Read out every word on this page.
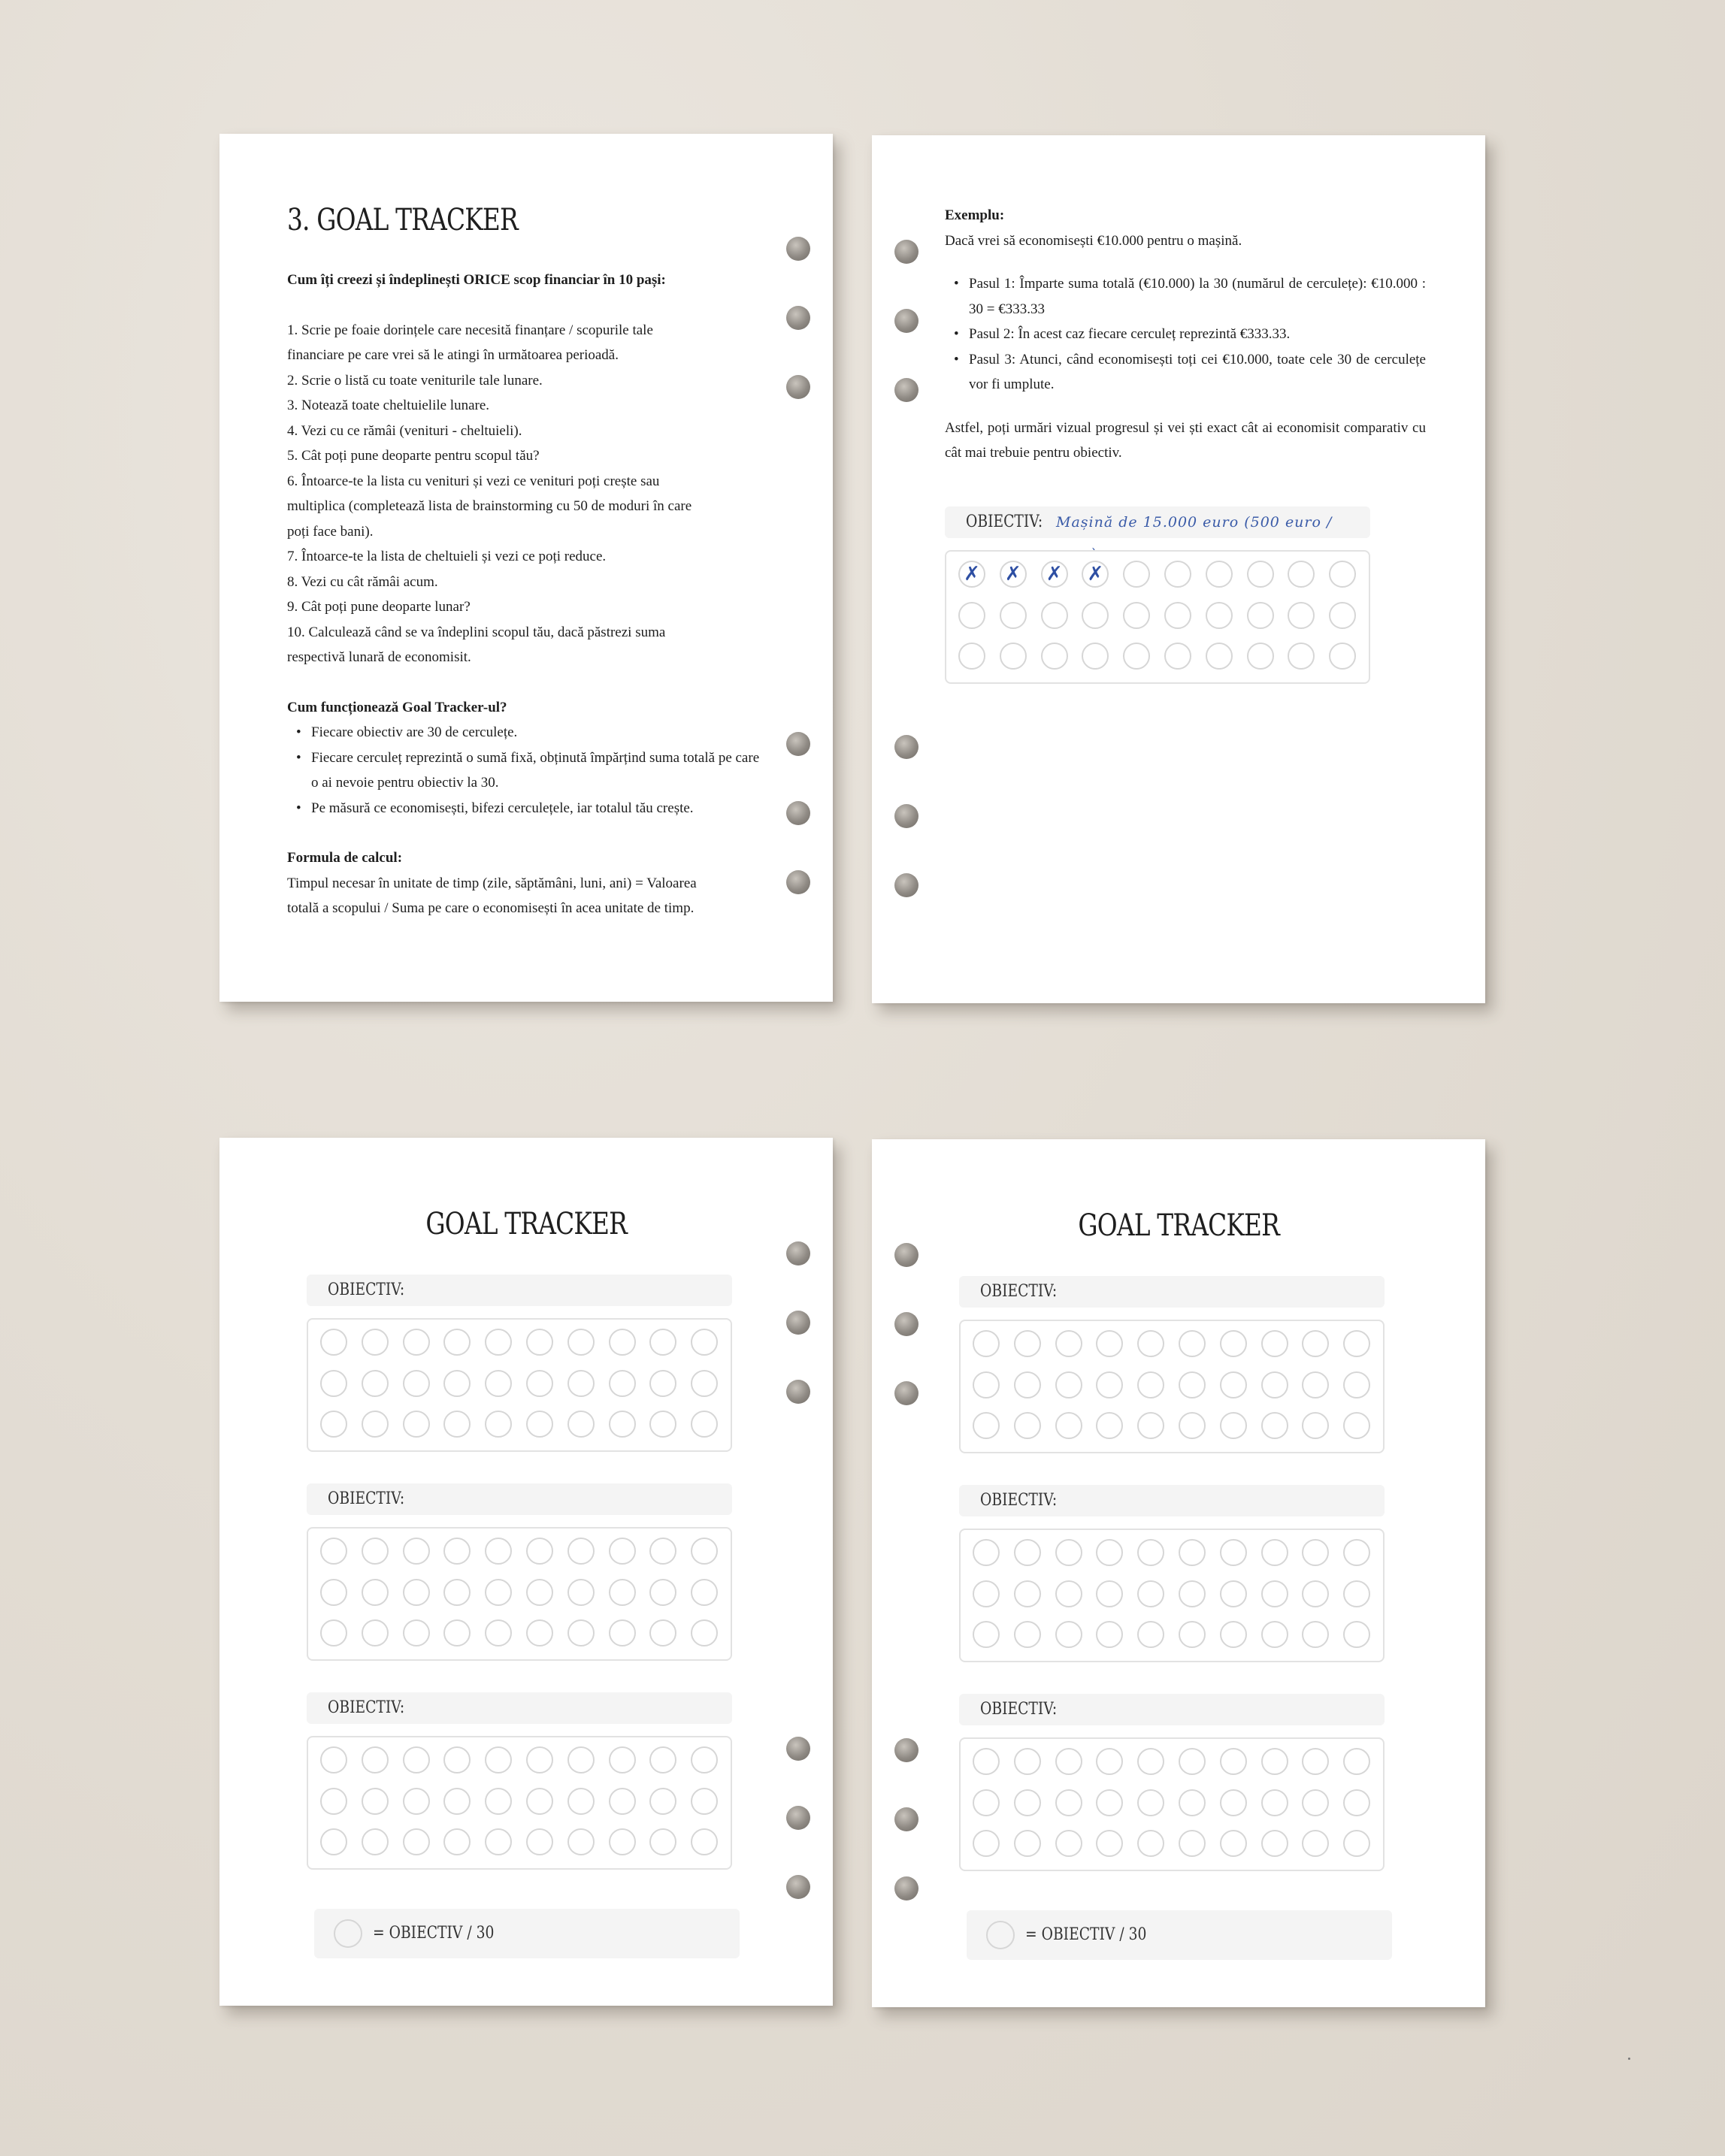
3. GOAL TRACKER
Cum îți creezi și îndeplinești ORICE scop financiar în 10 pași:
1. Scrie pe foaie dorințele care necesită finanțare / scopurile tale
financiare pe care vrei să le atingi în următoarea perioadă.
2. Scrie o listă cu toate veniturile tale lunare.
3. Notează toate cheltuielile lunare.
4. Vezi cu ce rămâi (venituri - cheltuieli).
5. Cât poți pune deoparte pentru scopul tău?
6. Întoarce-te la lista cu venituri și vezi ce venituri poți crește sau
multiplica (completează lista de brainstorming cu 50 de moduri în care
poți face bani).
7. Întoarce-te la lista de cheltuieli și vezi ce poți reduce.
8. Vezi cu cât rămâi acum.
9. Cât poți pune deoparte lunar?
10. Calculează când se va îndeplini scopul tău, dacă păstrezi suma
respectivă lunară de economisit.
Cum funcționează Goal Tracker-ul?
• Fiecare obiectiv are 30 de cerculețe.
• Fiecare cerculeț reprezintă o sumă fixă, obținută împărțind suma totală pe care o ai nevoie pentru obiectiv la 30.
• Pe măsură ce economisești, bifezi cerculețele, iar totalul tău crește.
Formula de calcul:
Timpul necesar în unitate de timp (zile, săptămâni, luni, ani) = Valoarea
totală a scopului / Suma pe care o economisești în acea unitate de timp.
Exemplu:
Dacă vrei să economisești €10.000 pentru o mașină.
• Pasul 1: Împarte suma totală (€10.000) la 30 (numărul de cerculețe): €10.000 : 30 = €333.33
• Pasul 2: În acest caz fiecare cerculeț reprezintă €333.33.
• Pasul 3: Atunci, când economisești toți cei €10.000, toate cele 30 de cerculețe vor fi umplute.
Astfel, poți urmări vizual progresul și vei ști exact cât ai economisit comparativ cu cât mai trebuie pentru obiectiv.
OBIECTIV: Mașină de 15.000 euro (500 euro /
✗ ✗ ✗ ✗
GOAL TRACKER
OBIECTIV:
OBIECTIV:
OBIECTIV:
= OBIECTIV / 30
GOAL TRACKER
OBIECTIV:
OBIECTIV:
OBIECTIV:
= OBIECTIV / 30
